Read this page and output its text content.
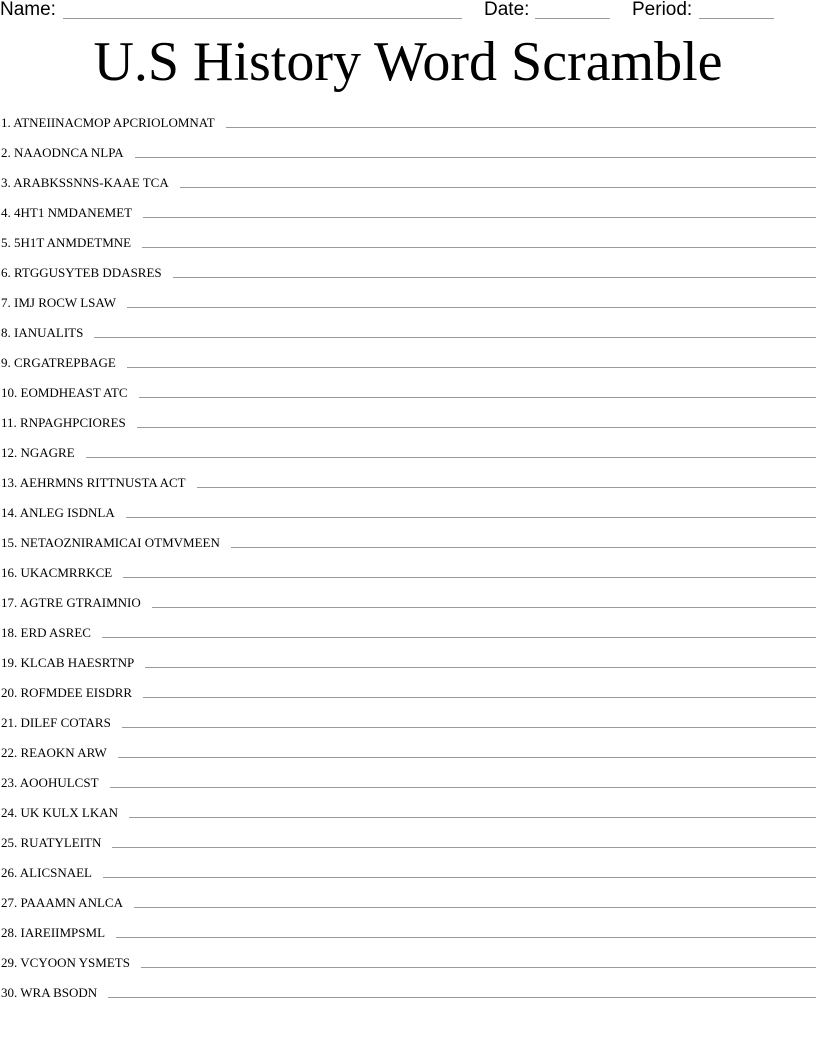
Name:	Date:	Period:
U.S History Word Scramble
1. ATNEIINACMOP APCRIOLOMNAT
2. NAAODNCA NLPA
3. ARABKSSNNS-KAAE TCA
4. 4HT1 NMDANEMET
5. 5H1T ANMDETMNE
6. RTGGUSYTEB DDASRES
7. IMJ ROCW LSAW
8. IANUALITS
9. CRGATREPBAGE
10. EOMDHEAST ATC
11. RNPAGHPCIORES
12. NGAGRE
13. AEHRMNS RITTNUSTA ACT
14. ANLEG ISDNLA
15. NETAOZNIRAMICAI OTMVMEEN
16. UKACMRRKCE
17. AGTRE GTRAIMNIO
18. ERD ASREC
19. KLCAB HAESRTNP
20. ROFMDEE EISDRR
21. DILEF COTARS
22. REAOKN ARW
23. AOOHULCST
24. UK KULX LKAN
25. RUATYLEITN
26. ALICSNAEL
27. PAAAMN ANLCA
28. IAREIIMPSML
29. VCYOON YSMETS
30. WRA BSODN
